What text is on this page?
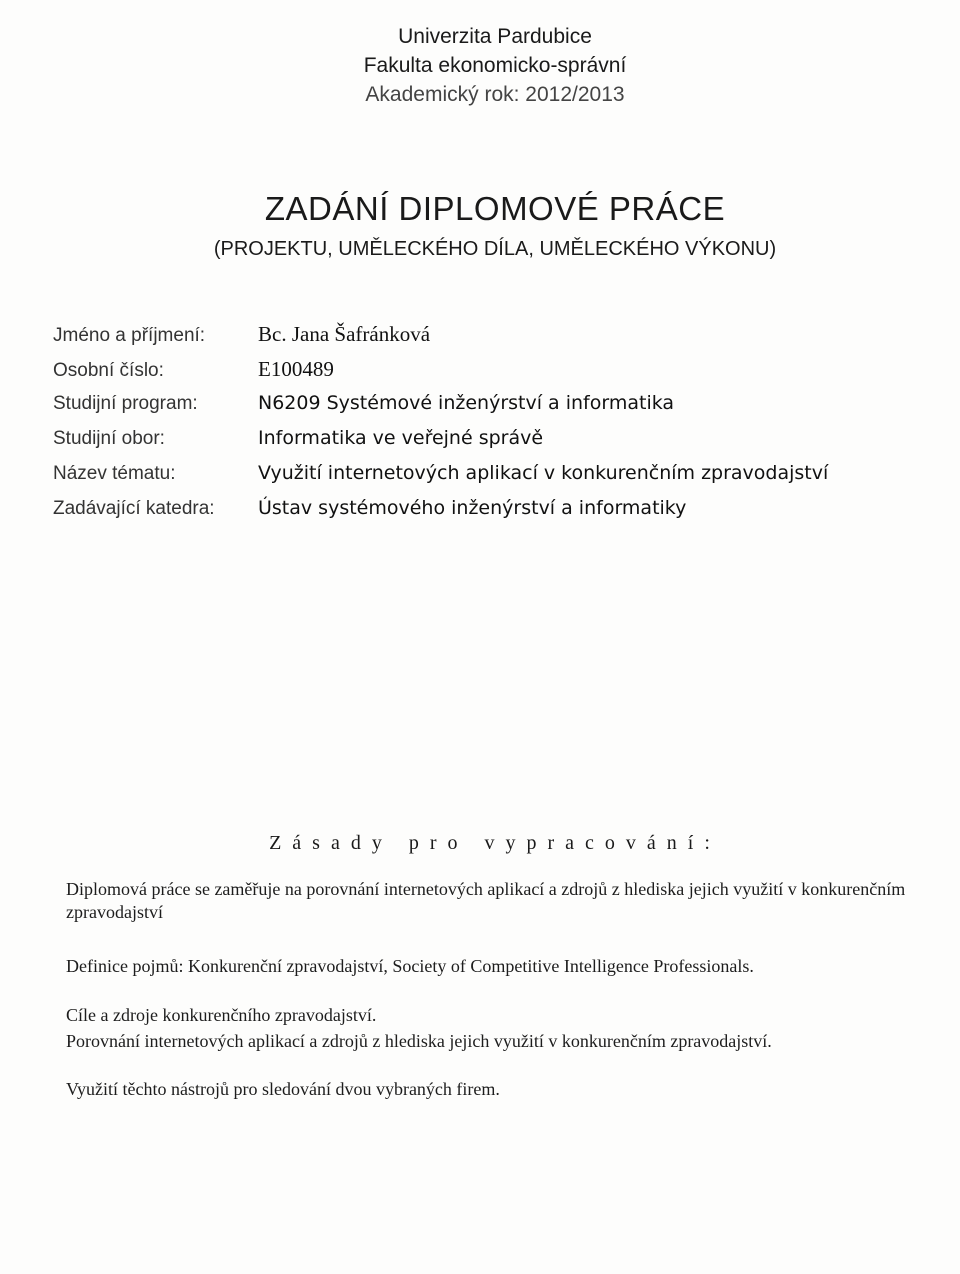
Univerzita Pardubice
Fakulta ekonomicko-správní
Akademický rok: 2012/2013
ZADÁNÍ DIPLOMOVÉ PRÁCE
(PROJEKTU, UMĚLECKÉHO DÍLA, UMĚLECKÉHO VÝKONU)
Jméno a příjmení:	Bc. Jana Šafránková
Osobní číslo:	E100489
Studijní program:	N6209 Systémové inženýrství a informatika
Studijní obor:	Informatika ve veřejné správě
Název tématu:	Využití internetových aplikací v konkurenčním zpravodajství
Zadávající katedra:	Ústav systémového inženýrství a informatiky
Zásady pro vypracování:
Diplomová práce se zaměřuje na porovnání internetových aplikací a zdrojů z hlediska jejich využití v konkurenčním zpravodajství
Definice pojmů: Konkurenční zpravodajství, Society of Competitive Intelligence Professionals.
Cíle a zdroje konkurenčního zpravodajství.
Porovnání internetových aplikací a zdrojů z hlediska jejich využití v konkurenčním zpravodajství.
Využití těchto nástrojů pro sledování dvou vybraných firem.
